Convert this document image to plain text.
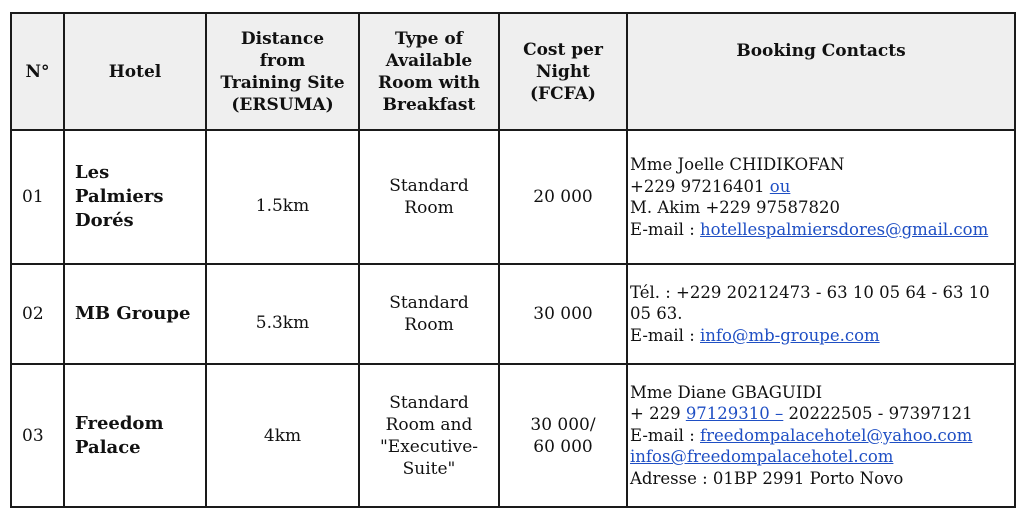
N°	Hotel	Distance
from
Training Site
(ERSUMA)	Type of
Available
Room with
Breakfast	Cost per
Night
(FCFA)	Booking Contacts
01	Les
Palmiers
Dorés	1.5km	Standard
Room	20 000	Mme Joelle CHIDIKOFAN
+229 97216401 ou
M. Akim +229 97587820
E-mail : hotellespalmiersdores@gmail.com

02	MB Groupe	5.3km	Standard
Room	30 000	Tél. : +229 20212473 - 63 10 05 64 - 63 10
05 63.
E-mail : info@mb-groupe.com

03	Freedom
Palace	4km	Standard
Room and
"Executive-
Suite"	30 000/
60 000	Mme Diane GBAGUIDI
+ 229 97129310 – 20222505 - 97397121
E-mail : freedompalacehotel@yahoo.com
infos@freedompalacehotel.com
Adresse : 01BP 2991 Porto Novo
